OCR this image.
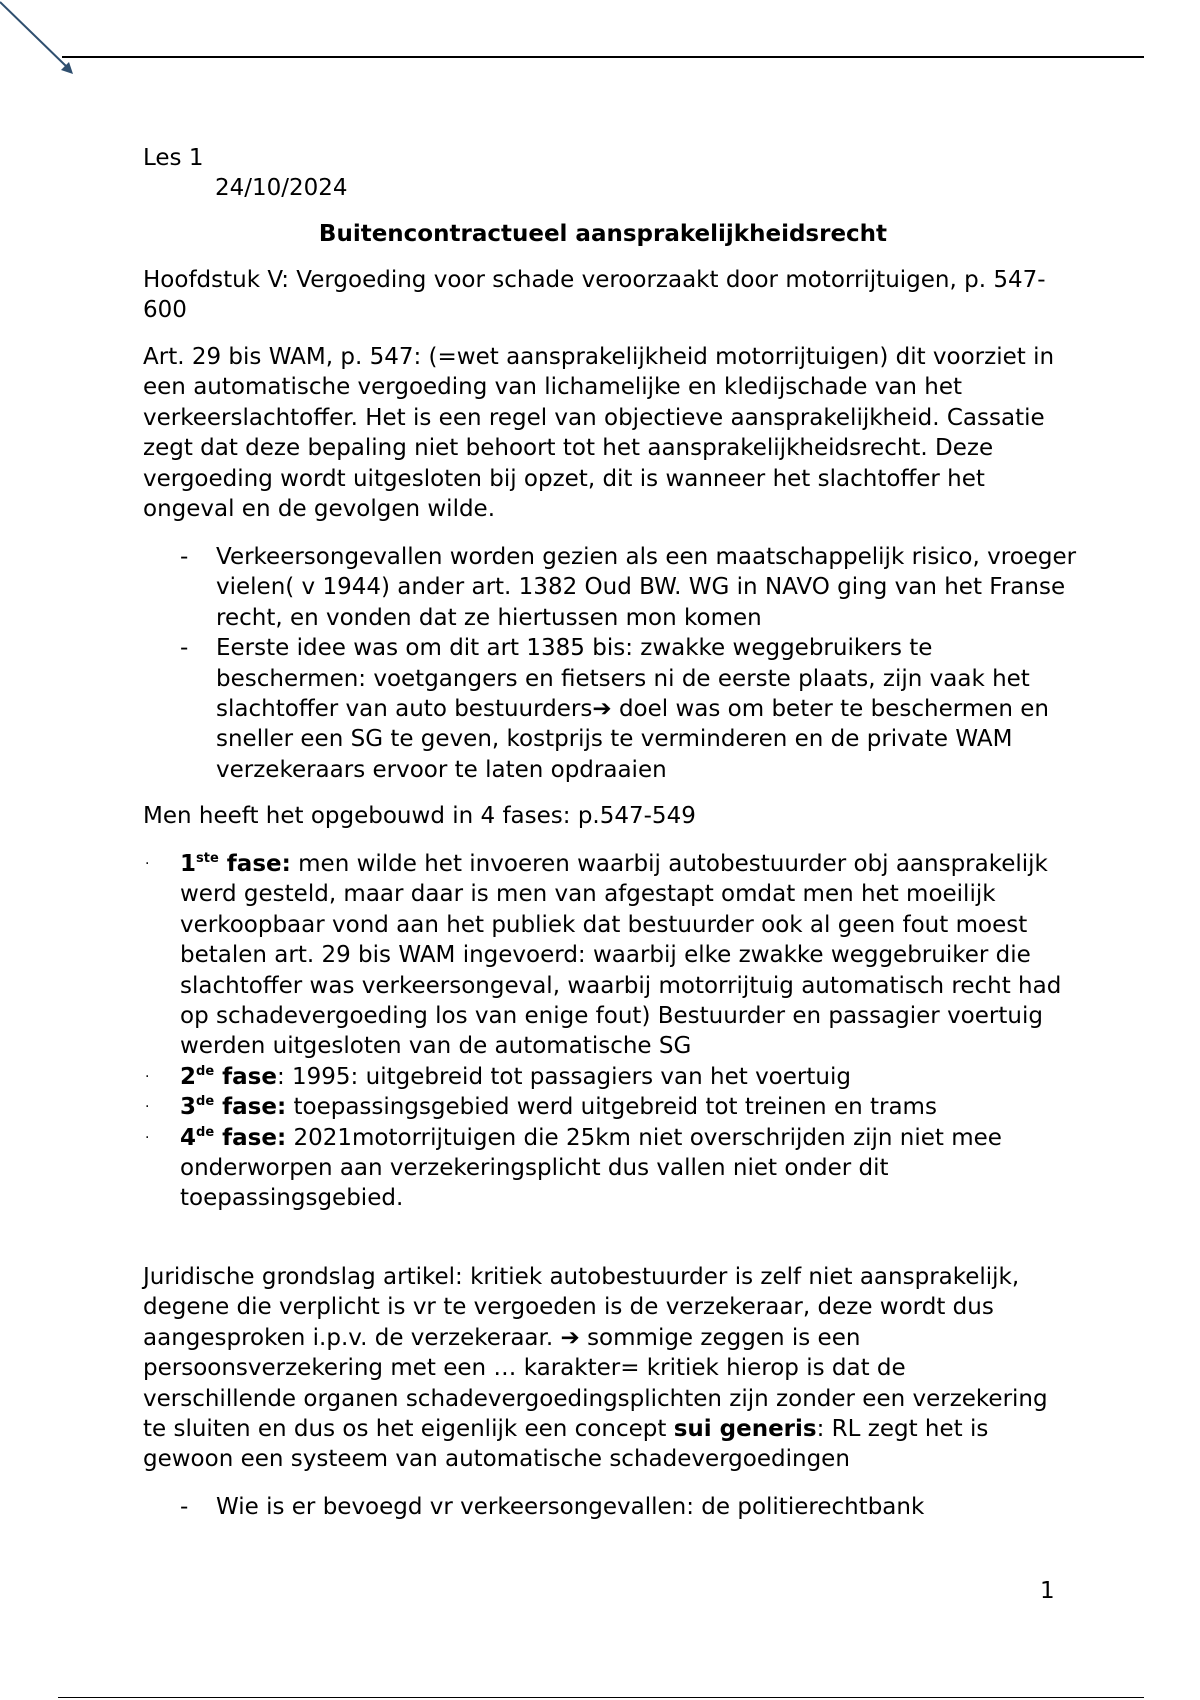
Les 1
24/10/2024
Buitencontractueel aansprakelijkheidsrecht
Hoofdstuk V: Vergoeding voor schade veroorzaakt door motorrijtuigen, p. 547-600
Art. 29 bis WAM, p. 547: (=wet aansprakelijkheid motorrijtuigen) dit voorziet in een automatische vergoeding van lichamelijke en kledijschade van het verkeerslachtoffer. Het is een regel van objectieve aansprakelijkheid. Cassatie zegt dat deze bepaling niet behoort tot het aansprakelijkheidsrecht. Deze vergoeding wordt uitgesloten bij opzet, dit is wanneer het slachtoffer het ongeval en de gevolgen wilde.
- Verkeersongevallen worden gezien als een maatschappelijk risico, vroeger vielen( v 1944) ander art. 1382 Oud BW. WG in NAVO ging van het Franse recht, en vonden dat ze hiertussen mon komen
- Eerste idee was om dit art 1385 bis: zwakke weggebruikers te beschermen: voetgangers en fietsers ni de eerste plaats, zijn vaak het slachtoffer van auto bestuurders➔ doel was om beter te beschermen en sneller een SG te geven, kostprijs te verminderen en de private WAM verzekeraars ervoor te laten opdraaien
Men heeft het opgebouwd in 4 fases: p.547-549
· 1ste fase: men wilde het invoeren waarbij autobestuurder obj aansprakelijk werd gesteld, maar daar is men van afgestapt omdat men het moeilijk verkoopbaar vond aan het publiek dat bestuurder ook al geen fout moest betalen art. 29 bis WAM ingevoerd: waarbij elke zwakke weggebruiker die slachtoffer was verkeersongeval, waarbij motorrijtuig automatisch recht had op schadevergoeding los van enige fout) Bestuurder en passagier voertuig werden uitgesloten van de automatische SG
· 2de fase: 1995: uitgebreid tot passagiers van het voertuig
· 3de fase: toepassingsgebied werd uitgebreid tot treinen en trams
· 4de fase: 2021motorrijtuigen die 25km niet overschrijden zijn niet mee onderworpen aan verzekeringsplicht dus vallen niet onder dit toepassingsgebied.
Juridische grondslag artikel: kritiek autobestuurder is zelf niet aansprakelijk, degene die verplicht is vr te vergoeden is de verzekeraar, deze wordt dus aangesproken i.p.v. de verzekeraar. ➔ sommige zeggen is een persoonsverzekering met een … karakter= kritiek hierop is dat de verschillende organen schadevergoedingsplichten zijn zonder een verzekering te sluiten en dus os het eigenlijk een concept sui generis: RL zegt het is gewoon een systeem van automatische schadevergoedingen
- Wie is er bevoegd vr verkeersongevallen: de politierechtbank
1
